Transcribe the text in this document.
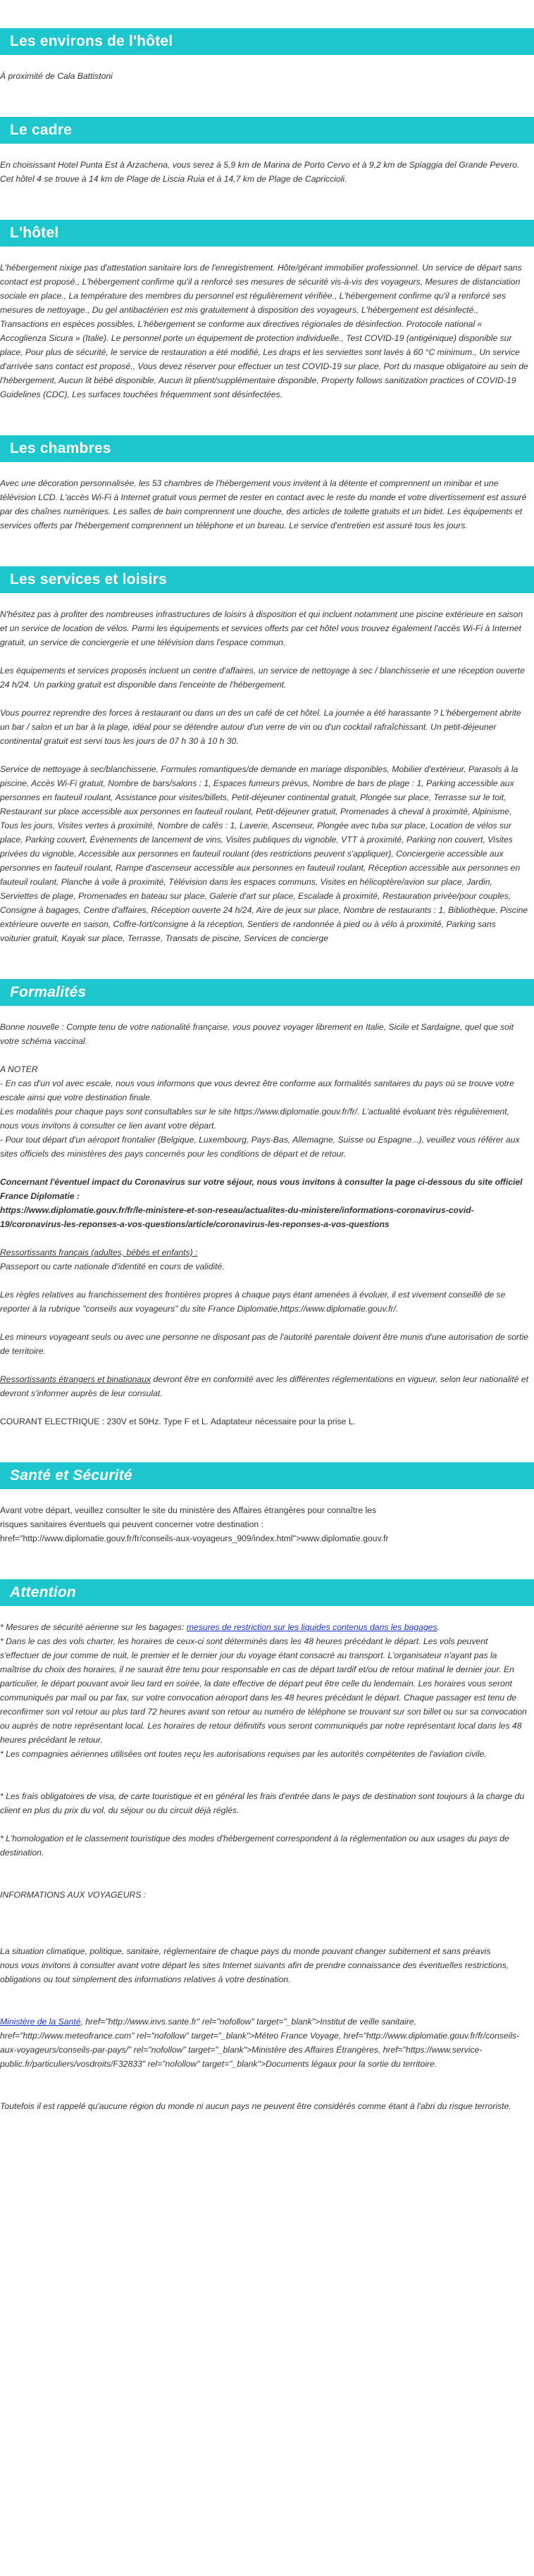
Les environs de l'hôtel

À proximité de Cala Battistoni

Le cadre

En choisissant Hotel Punta Est à Arzachena, vous serez à 5,9 km de Marina de Porto Cervo et à 9,2 km de Spiaggia del Grande Pevero. Cet hôtel 4 se trouve à 14 km de Plage de Liscia Ruia et à 14,7 km de Plage de Capriccioli.

L'hôtel

L'hébergement nixige pas d'attestation sanitaire lors de l'enregistrement. Hôte/gérant immobilier professionnel. Un service de départ sans contact est proposé., L'hébergement confirme qu'il a renforcé ses mesures de sécurité vis-à-vis des voyageurs, Mesures de distanciation sociale en place., La température des membres du personnel est régulièrement vérifiée., L'hébergement confirme qu'il a renforcé ses mesures de nettoyage., Du gel antibactérien est mis gratuitement à disposition des voyageurs, L'hébergement est désinfecté., Transactions en espèces possibles, L'hébergement se conforme aux directives régionales de désinfection. Protocole national « Accoglienza Sicura » (Italie). Le personnel porte un équipement de protection individuelle., Test COVID-19 (antigénique) disponible sur place, Pour plus de sécurité, le service de restauration a été modifié, Les draps et les serviettes sont lavés à 60 °C minimum., Un service d'arrivée sans contact est proposé., Vous devez réserver pour effectuer un test COVID-19 sur place, Port du masque obligatoire au sein de l'hébergement, Aucun lit bébé disponible, Aucun lit plient/supplémentaire disponible, Property follows sanitization practices of COVID-19 Guidelines (CDC), Les surfaces touchées fréquemment sont désinfectées.

Les chambres

Avec une décoration personnalisée, les 53 chambres de l'hébergement vous invitent à la détente et comprennent un minibar et une télévision LCD. L'accès Wi-Fi à Internet gratuit vous permet de rester en contact avec le reste du monde et votre divertissement est assuré par des chaînes numériques. Les salles de bain comprennent une douche, des articles de toilette gratuits et un bidet. Les équipements et services offerts par l'hébergement comprennent un téléphone et un bureau. Le service d'entretien est assuré tous les jours.

Les services et loisirs

N'hésitez pas à profiter des nombreuses infrastructures de loisirs à disposition et qui incluent notamment une piscine extérieure en saison et un service de location de vélos. Parmi les équipements et services offerts par cet hôtel vous trouvez également l'accès Wi-Fi à Internet gratuit, un service de conciergerie et une télévision dans l'espace commun.

Les équipements et services proposés incluent un centre d'affaires, un service de nettoyage à sec / blanchisserie et une réception ouverte 24 h/24. Un parking gratuit est disponible dans l'enceinte de l'hébergement.

Vous pourrez reprendre des forces à restaurant ou dans un des un café de cet hôtel. La journée a été harassante ? L'hébergement abrite un bar / salon et un bar à la plage, idéal pour se détendre autour d'un verre de vin ou d'un cocktail rafraîchissant. Un petit-déjeuner continental gratuit est servi tous les jours de 07 h 30 à 10 h 30.

Service de nettoyage à sec/blanchisserie, Formules romantiques/de demande en mariage disponibles, Mobilier d'extérieur, Parasols à la piscine, Accès Wi-Fi gratuit, Nombre de bars/salons : 1, Espaces fumeurs prévus, Nombre de bars de plage : 1, Parking accessible aux personnes en fauteuil roulant, Assistance pour visites/billets, Petit-déjeuner continental gratuit, Plongée sur place, Terrasse sur le toit, Restaurant sur place accessible aux personnes en fauteuil roulant, Petit-déjeuner gratuit, Promenades à cheval à proximité, Alpinisme, Tous les jours, Visites vertes à proximité, Nombre de cafés : 1, Laverie, Ascenseur, Plongée avec tuba sur place, Location de vélos sur place, Parking couvert, Événements de lancement de vins, Visites publiques du vignoble, VTT à proximité, Parking non couvert, Visites privées du vignoble, Accessible aux personnes en fauteuil roulant (des restrictions peuvent s'appliquer), Conciergerie accessible aux personnes en fauteuil roulant, Rampe d'ascenseur accessible aux personnes en fauteuil roulant, Réception accessible aux personnes en fauteuil roulant, Planche à voile à proximité, Télévision dans les espaces communs, Visites en hélicoptère/avion sur place, Jardin, Serviettes de plage, Promenades en bateau sur place, Galerie d'art sur place, Escalade à proximité, Restauration privée/pour couples, Consigne à bagages, Centre d'affaires, Réception ouverte 24 h/24, Aire de jeux sur place, Nombre de restaurants : 1, Bibliothèque, Piscine extérieure ouverte en saison, Coffre-fort/consigne à la réception, Sentiers de randonnée à pied ou à vélo à proximité, Parking sans voiturier gratuit, Kayak sur place, Terrasse, Transats de piscine, Services de concierge

Formalités

Bonne nouvelle : Compte tenu de votre nationalité française, vous pouvez voyager librement en Italie, Sicile et Sardaigne, quel que soit votre schéma vaccinal.

A NOTER
- En cas d'un vol avec escale, nous vous informons que vous devrez être conforme aux formalités sanitaires du pays où se trouve votre escale ainsi que votre destination finale.
Les modalités pour chaque pays sont consultables sur le site https://www.diplomatie.gouv.fr/fr/. L'actualité évoluant très régulièrement, nous vous invitons à consulter ce lien avant votre départ.
- Pour tout départ d'un aéroport frontalier (Belgique, Luxembourg, Pays-Bas, Allemagne, Suisse ou Espagne...), veuillez vous référer aux sites officiels des ministères des pays concernés pour les conditions de départ et de retour.

Concernant l'éventuel impact du Coronavirus sur votre séjour, nous vous invitons à consulter la page ci-dessous du site officiel France Diplomatie :
https://www.diplomatie.gouv.fr/fr/le-ministere-et-son-reseau/actualites-du-ministere/informations-coronavirus-covid-19/coronavirus-les-reponses-a-vos-questions/article/coronavirus-les-reponses-a-vos-questions

Ressortissants français (adultes, bébés et enfants) :
Passeport ou carte nationale d'identité en cours de validité.

Les règles relatives au franchissement des frontières propres à chaque pays étant amenées à évoluer, il est vivement conseillé de se reporter à la rubrique "conseils aux voyageurs" du site France Diplomatie,https://www.diplomatie.gouv.fr/.

Les mineurs voyageant seuls ou avec une personne ne disposant pas de l'autorité parentale doivent être munis d'une autorisation de sortie de territoire.

Ressortissants étrangers et binationaux devront être en conformité avec les différentes réglementations en vigueur, selon leur nationalité et devront s'informer auprès de leur consulat.

COURANT ELECTRIQUE : 230V et 50Hz. Type F et L. Adaptateur nécessaire pour la prise L.

Santé et Sécurité

Avant votre départ, veuillez consulter le site du ministère des Affaires étrangères pour connaître les risques sanitaires éventuels qui peuvent concerner votre destination : href="http://www.diplomatie.gouv.fr/fr/conseils-aux-voyageurs_909/index.html">www.diplomatie.gouv.fr

Attention
* Mesures de sécurité aérienne sur les bagages: mesures de restriction sur les liquides contenus dans les bagages.
* Dans le cas des vols charter, les horaires de ceux-ci sont déterminés dans les 48 heures précédant le départ. Les vols peuvent s'effectuer de jour comme de nuit, le premier et le dernier jour du voyage étant consacré au transport. L'organisateur n'ayant pas la maîtrise du choix des horaires, il ne saurait être tenu pour responsable en cas de départ tardif et/ou de retour matinal le dernier jour. En particulier, le départ pouvant avoir lieu tard en soirée, la date effective de départ peut être celle du lendemain. Les horaires vous seront communiqués par mail ou par fax, sur votre convocation aéroport dans les 48 heures précédant le départ. Chaque passager est tenu de reconfirmer son vol retour au plus tard 72 heures avant son retour au numéro de téléphone se trouvant sur son billet ou sur sa convocation ou auprès de notre représentant local. Les horaires de retour définitifs vous seront communiqués par notre représentant local dans les 48 heures précédant le retour.

* Les compagnies aériennes utilisées ont toutes reçu les autorisations requises par les autorités compétentes de l'aviation civile.

* Les frais obligatoires de visa, de carte touristique et en général les frais d'entrée dans le pays de destination sont toujours à la charge du client en plus du prix du vol, du séjour ou du circuit déjà réglés.

* L'homologation et le classement touristique des modes d'hébergement correspondent à la réglementation ou aux usages du pays de destination.

INFORMATIONS AUX VOYAGEURS :

La situation climatique, politique, sanitaire, réglementaire de chaque pays du monde pouvant changer subitement et sans préavis

nous vous invitons à consulter avant votre départ les sites Internet suivants afin de prendre connaissance des éventuelles restrictions, obligations ou tout simplement des informations relatives à votre destination.

Ministère de la Santé, href="http://www.invs.sante.fr" rel="nofollow" target="_blank">Institut de veille sanitaire, href="http://www.meteofrance.com" rel="nofollow" target="_blank">Méteo France Voyage, href="http://www.diplomatie.gouv.fr/fr/conseils-aux-voyageurs/conseils-par-pays/" rel="nofollow" target="_blank">Ministère des Affaires Étrangères, href="https://www.service-public.fr/particuliers/vosdroits/F32833" rel="nofollow" target="_blank">Documents légaux pour la sortie du territoire.

Toutefois il est rappelé qu'aucune région du monde ni aucun pays ne peuvent être considérés comme étant à l'abri du risque terroriste.
